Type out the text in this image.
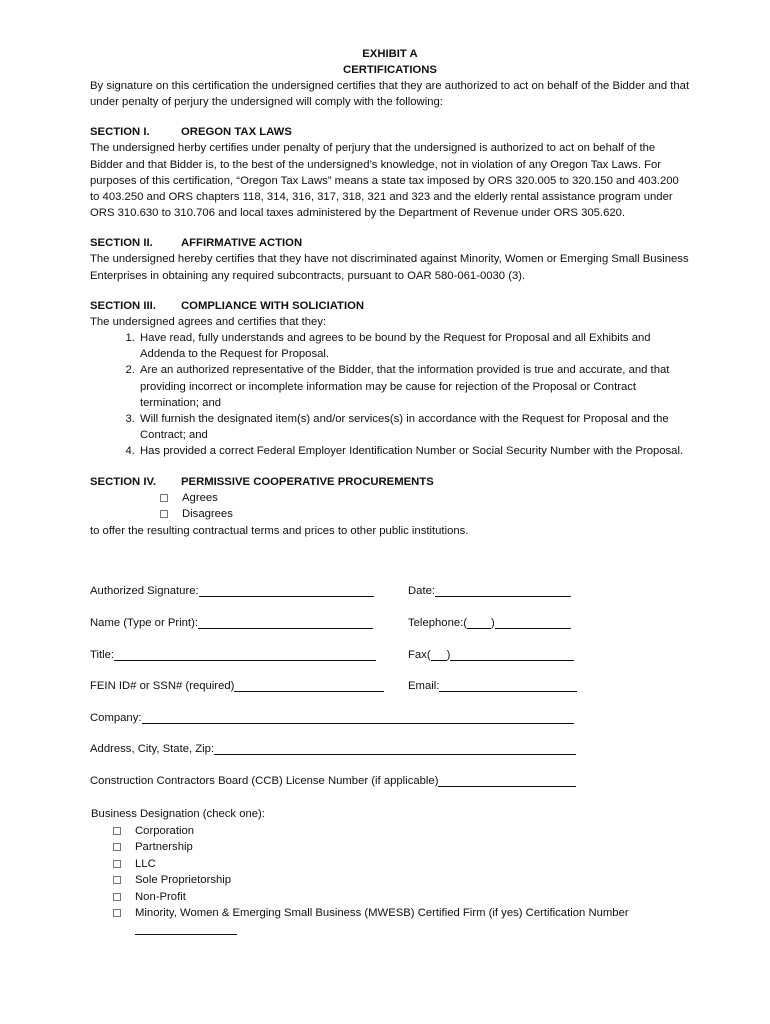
EXHIBIT A
CERTIFICATIONS

By signature on this certification the undersigned certifies that they are authorized to act on behalf of the Bidder and that under penalty of perjury the undersigned will comply with the following:

SECTION I.	OREGON TAX LAWS

The undersigned herby certifies under penalty of perjury that the undersigned is authorized to act on behalf of the Bidder and that Bidder is, to the best of the undersigned’s knowledge, not in violation of any Oregon Tax Laws. For purposes of this certification, “Oregon Tax Laws” means a state tax imposed by ORS 320.005 to 320.150 and 403.200 to 403.250 and ORS chapters 118, 314, 316, 317, 318, 321 and 323 and the elderly rental assistance program under ORS 310.630 to 310.706 and local taxes administered by the Department of Revenue under ORS 305.620.

SECTION II.	AFFIRMATIVE ACTION

The undersigned hereby certifies that they have not discriminated against Minority, Women or Emerging Small Business Enterprises in obtaining any required subcontracts, pursuant to OAR 580-061-0030 (3).

SECTION III.	COMPLIANCE WITH SOLICIATION

The undersigned agrees and certifies that they:

1. Have read, fully understands and agrees to be bound by the Request for Proposal and all Exhibits and Addenda to the Request for Proposal.
2. Are an authorized representative of the Bidder, that the information provided is true and accurate, and that providing incorrect or incomplete information may be cause for rejection of the Proposal or Contract termination; and
3. Will furnish the designated item(s) and/or services(s) in accordance with the Request for Proposal and the Contract; and
4. Has provided a correct Federal Employer Identification Number or Social Security Number with the Proposal.
SECTION IV.	PERMISSIVE COOPERATIVE PROCUREMENTS
Agrees
Disagrees

to offer the resulting contractual terms and prices to other public institutions.

Authorized Signature:	Date:
Name (Type or Print):	Telephone:( )
Title:	Fax( )
FEIN ID# or SSN# (required)	Email:
Company:
Address, City, State, Zip:
Construction Contractors Board (CCB) License Number (if applicable)
Business Designation (check one):
Corporation
Partnership
LLC
Sole Proprietorship
Non-Profit
Minority, Women & Emerging Small Business (MWESB) Certified Firm (if yes) Certification Number
